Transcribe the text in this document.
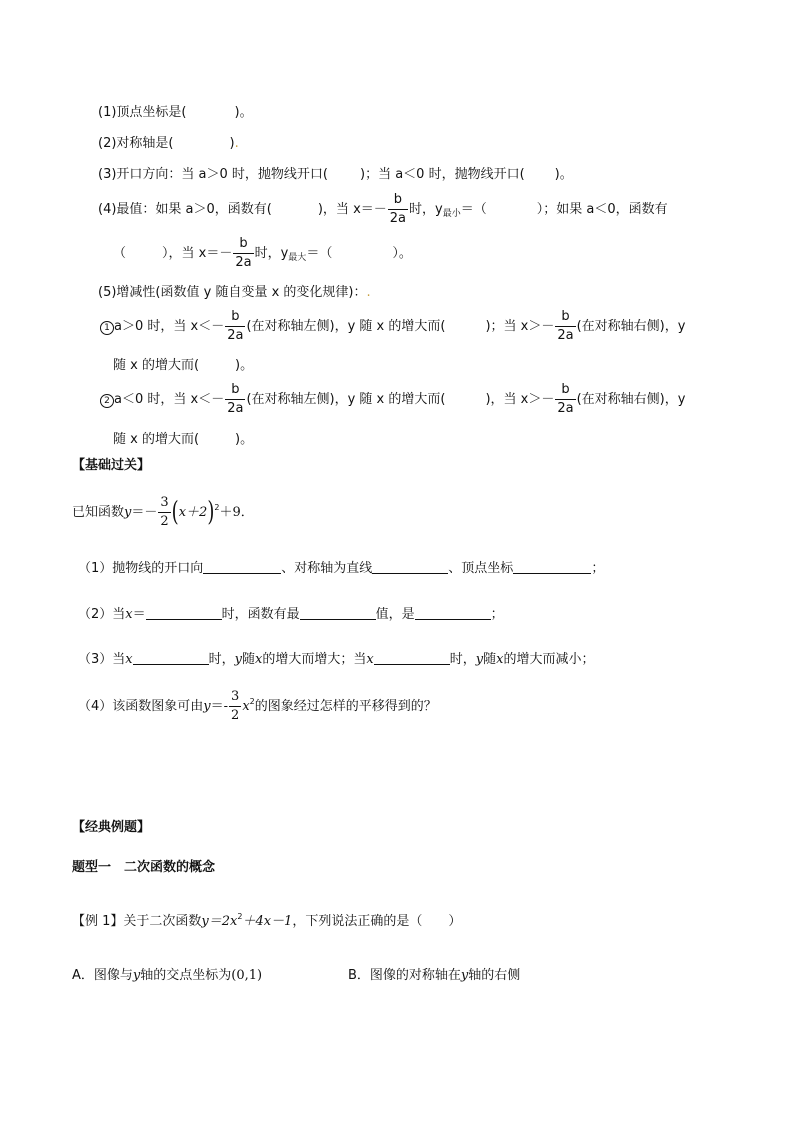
(1)顶点坐标是(	)。
(2)对称轴是(	).
(3)开口方向：当 a＞0 时，抛物线开口( )；当 a＜0 时，抛物线开口( )。
(4)最值：如果 a＞0，函数有(	)，当 $x=- \frac{b}{2a}$ 时，$y_{最小}=$（	）；如果 a＜0，函数有
（	），当 $x=- \frac{b}{2a}$ 时，$y_{最大}=$（	）。
(5)增减性(函数值 y 随自变量 x 的变化规律)：.
1 a＞0 时，当 $x<- \frac{b}{2a}$ (在对称轴左侧)，y 随 x 的增大而(	)；当 $x>- \frac{b}{2a}$ (在对称轴右侧)，y
随 x 的增大而(	)。
2 a＜0 时，当 $x<- \frac{b}{2a}$ (在对称轴左侧)，y 随 x 的增大而(	)，当 $x>- \frac{b}{2a}$ (在对称轴右侧)，y
随 x 的增大而(	)。
【基础过关】
已知函数$y=- \frac{3}{2} (x+2)^2+9$．
（1）抛物线的开口向	、对称轴为直线	、顶点坐标	；
（2）当x＝	时，函数有最	值，是	；
（3）当x	时，y随x的增大而增大；当x	时，y随x的增大而减小；
（4）该函数图象可由$y=- \frac{3}{2} x^2$的图象经过怎样的平移得到的？
【经典例题】
题型一　二次函数的概念
【例 1】关于二次函数$y=2x^2+4x-1$，下列说法正确的是（　　）
A．图像与y轴的交点坐标为(0,1)	B．图像的对称轴在y轴的右侧
